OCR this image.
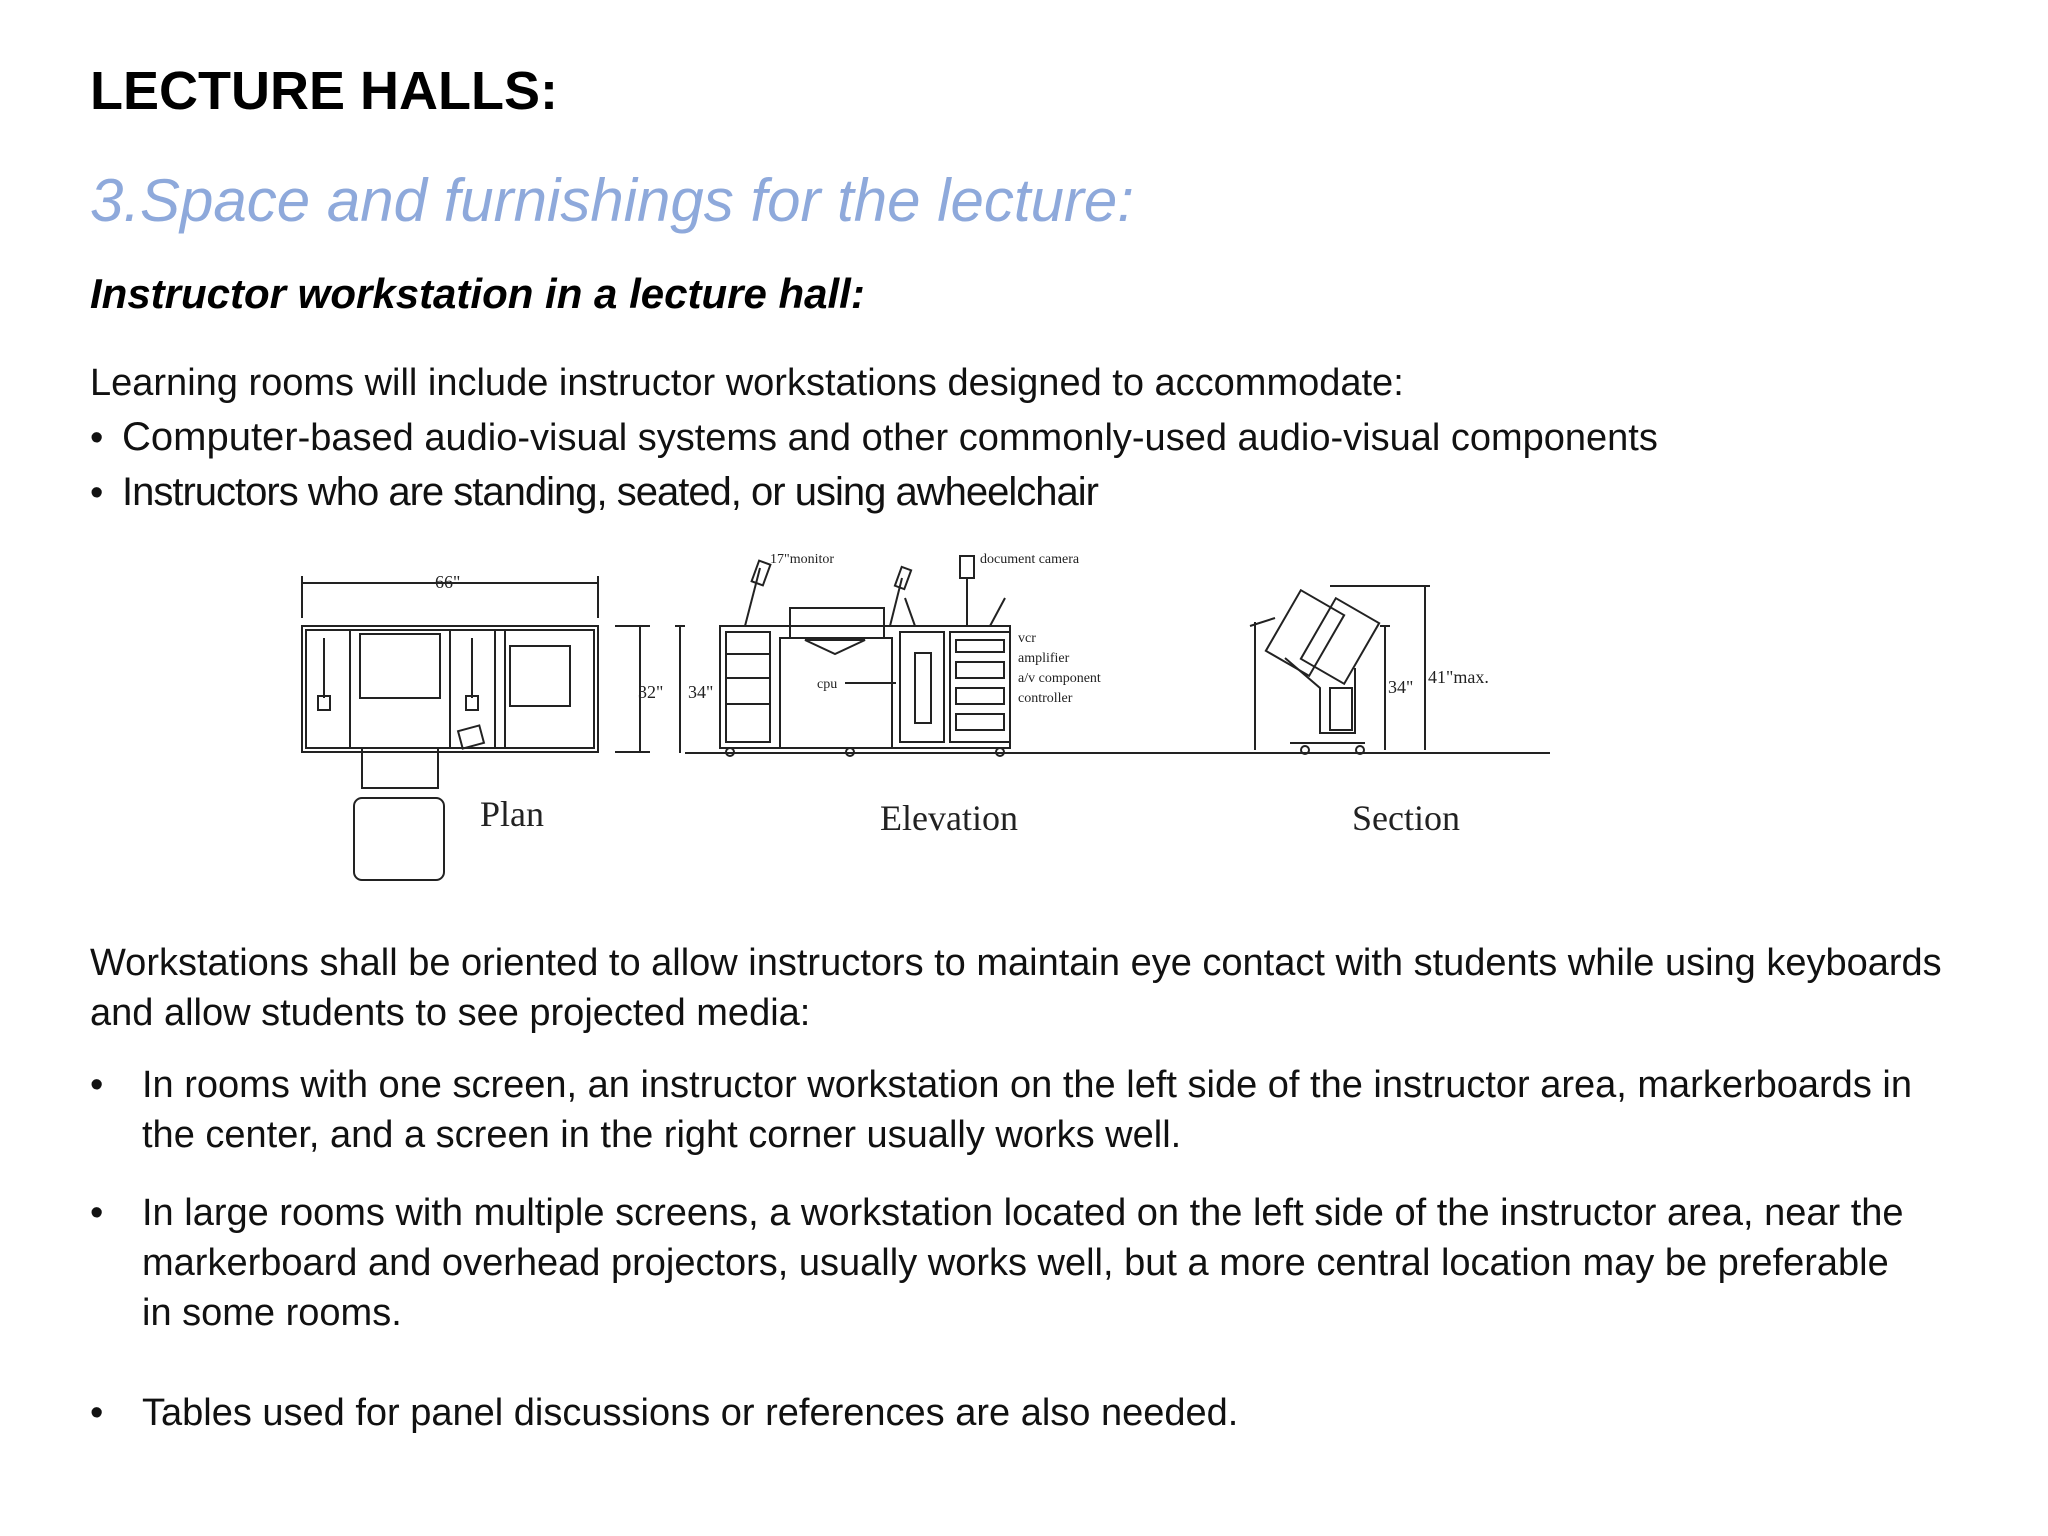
LECTURE HALLS:
3.Space and furnishings for the lecture:
Instructor workstation in a lecture hall:
Learning rooms will include instructor workstations designed to accommodate:
• Computer-based audio-visual systems and other commonly-used audio-visual components
• Instructors who are standing, seated, or using awheelchair
66"
32"
Plan
34"
17"monitor	document camera
cpu
vcr
amplifier
a/v component
controller
Elevation
34" 41"max.
Section
Workstations shall be oriented to allow instructors to maintain eye contact with students while using keyboards and allow students to see projected media:
• In rooms with one screen, an instructor workstation on the left side of the instructor area, markerboards in the center, and a screen in the right corner usually works well.
• In large rooms with multiple screens, a workstation located on the left side of the instructor area, near the markerboard and overhead projectors, usually works well, but a more central location may be preferable in some rooms.
• Tables used for panel discussions or references are also needed.
